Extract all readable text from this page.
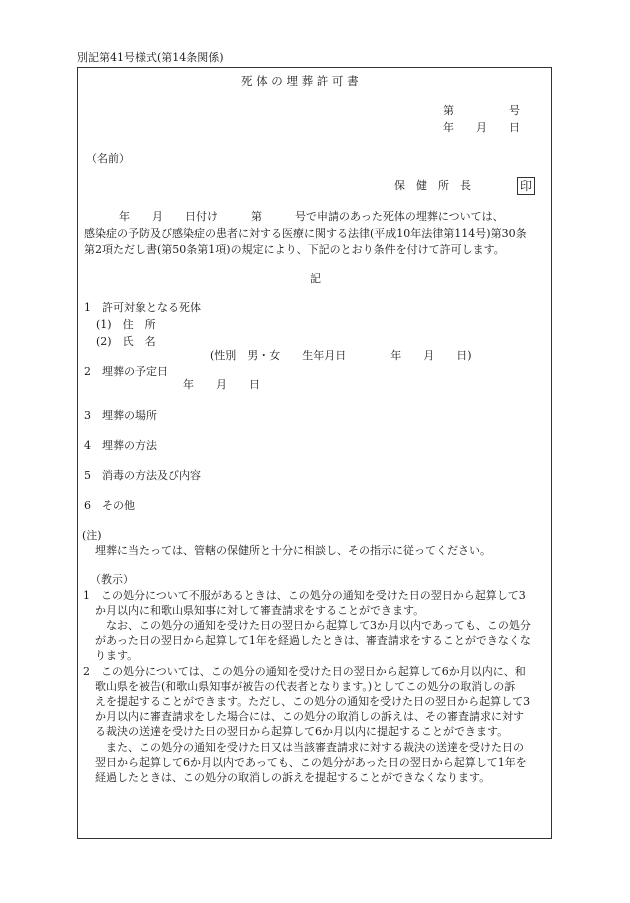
別記第41号様式(第14条関係)
死 体 の 埋 葬 許 可 書
第　　　　　号
年　　月　　日
（名前）
保　健　所　長	印
　　　年　　月　　日付け　　　第　　　号で申請のあった死体の埋葬については、
感染症の予防及び感染症の患者に対する医療に関する法律(平成10年法律第114号)第30条
第2項ただし書(第50条第1項)の規定により、下記のとおり条件を付けて許可します。
記
1　許可対象となる死体
(1)　住　所
(2)　氏　名
(性別　男・女　　生年月日　　　　年　　月　　日)
2　埋葬の予定日
年　　月　　日
3　埋葬の場所
4　埋葬の方法
5　消毒の方法及び内容
6　その他
(注)
埋葬に当たっては、管轄の保健所と十分に相談し、その指示に従ってください。
（教示）
1　この処分について不服があるときは、この処分の通知を受けた日の翌日から起算して3
か月以内に和歌山県知事に対して審査請求をすることができます。
　なお、この処分の通知を受けた日の翌日から起算して3か月以内であっても、この処分
があった日の翌日から起算して1年を経過したときは、審査請求をすることができなくな
ります。
2　この処分については、この処分の通知を受けた日の翌日から起算して6か月以内に、和
歌山県を被告(和歌山県知事が被告の代表者となります。)としてこの処分の取消しの訴
えを提起することができます。ただし、この処分の通知を受けた日の翌日から起算して3
か月以内に審査請求をした場合には、この処分の取消しの訴えは、その審査請求に対す
る裁決の送達を受けた日の翌日から起算して6か月以内に提起することができます。
　また、この処分の通知を受けた日又は当該審査請求に対する裁決の送達を受けた日の
翌日から起算して6か月以内であっても、この処分があった日の翌日から起算して1年を
経過したときは、この処分の取消しの訴えを提起することができなくなります。
